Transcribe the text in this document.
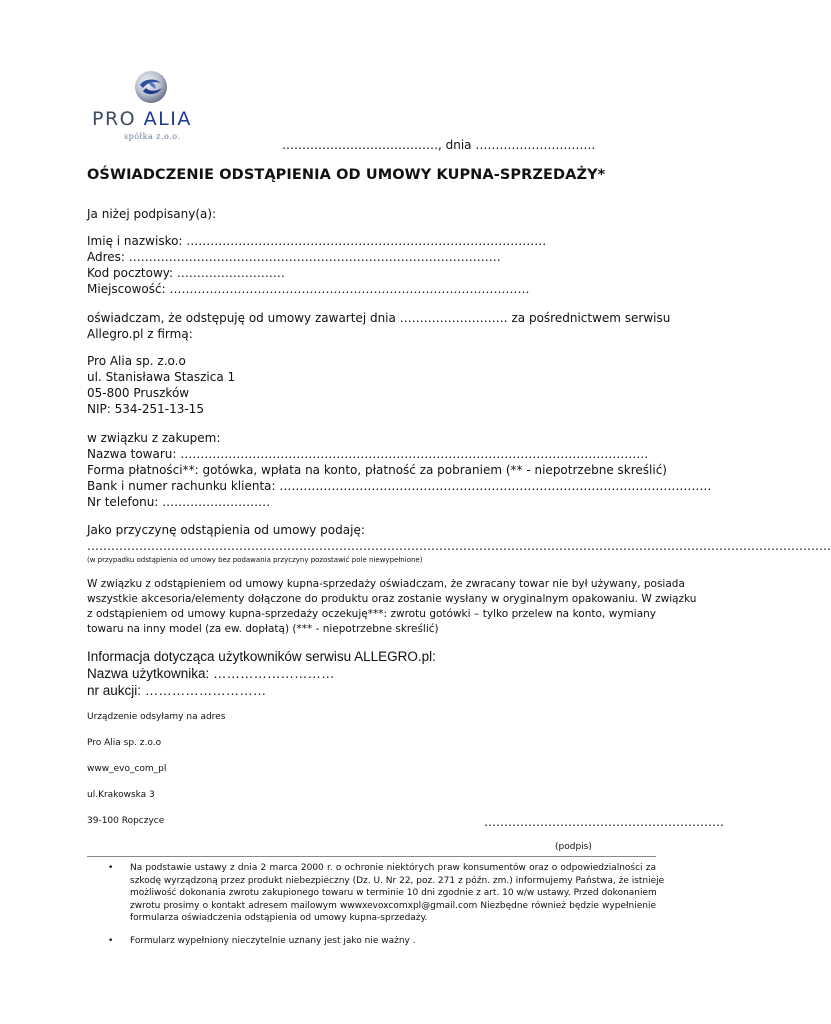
PRO ALIA
spółka z.o.o.
…………………………………, dnia …………………………
OŚWIADCZENIE ODSTĄPIENIA OD UMOWY KUPNA-SPRZEDAŻY*
Ja niżej podpisany(a):
Imię i nazwisko: ………………………………………………………………………………
Adres: …………………………………………………………………………………
Kod pocztowy: ………………………
Miejscowość: ………………………………………………………………………………
oświadczam, że odstępuję od umowy zawartej dnia ……………………… za pośrednictwem serwisu
Allegro.pl z firmą:
Pro Alia sp. z.o.o
ul. Stanisława Staszica 1
05-800 Pruszków
NIP: 534-251-13-15
w związku z zakupem:
Nazwa towaru: ………………………………………………………………………………………………………
Forma płatności**: gotówka, wpłata na konto, płatność za pobraniem (** - niepotrzebne skreślić)
Bank i numer rachunku klienta: ………………………………………………………………………………………………
Nr telefonu: ………………………
Jako przyczynę odstąpienia od umowy podaję:
……………………………………………………………………………………………………………………………………………………………………
(w przypadku odstąpienia od umowy bez podawania przyczyny pozostawić pole niewypełnione)
W związku z odstąpieniem od umowy kupna-sprzedaży oświadczam, że zwracany towar nie był używany, posiada
wszystkie akcesoria/elementy dołączone do produktu oraz zostanie wysłany w oryginalnym opakowaniu. W związku
z odstąpieniem od umowy kupna-sprzedaży oczekuję***: zwrotu gotówki – tylko przelew na konto, wymiany
towaru na inny model (za ew. dopłatą) (*** - niepotrzebne skreślić)
Informacja dotycząca użytkowników serwisu ALLEGRO.pl:
Nazwa użytkownika: ………………………
nr aukcji: ………………………
Urządzenie odsyłamy na adres
Pro Alia sp. z.o.o
www_evo_com_pl
ul.Krakowska 3
39-100 Ropczyce	……………………………………………………
(podpis)
• Na podstawie ustawy z dnia 2 marca 2000 r. o ochronie niektórych praw konsumentów oraz o odpowiedzialności za
szkodę wyrządzoną przez produkt niebezpieczny (Dz. U. Nr 22, poz. 271 z późn. zm.) informujemy Państwa, że istnieje
możliwość dokonania zwrotu zakupionego towaru w terminie 10 dni zgodnie z art. 10 w/w ustawy. Przed dokonaniem
zwrotu prosimy o kontakt adresem mailowym wwwxevoxcomxpl@gmail.com Niezbędne również będzie wypełnienie
formularza oświadczenia odstąpienia od umowy kupna-sprzedaży.
• Formularz wypełniony nieczytelnie uznany jest jako nie ważny .
